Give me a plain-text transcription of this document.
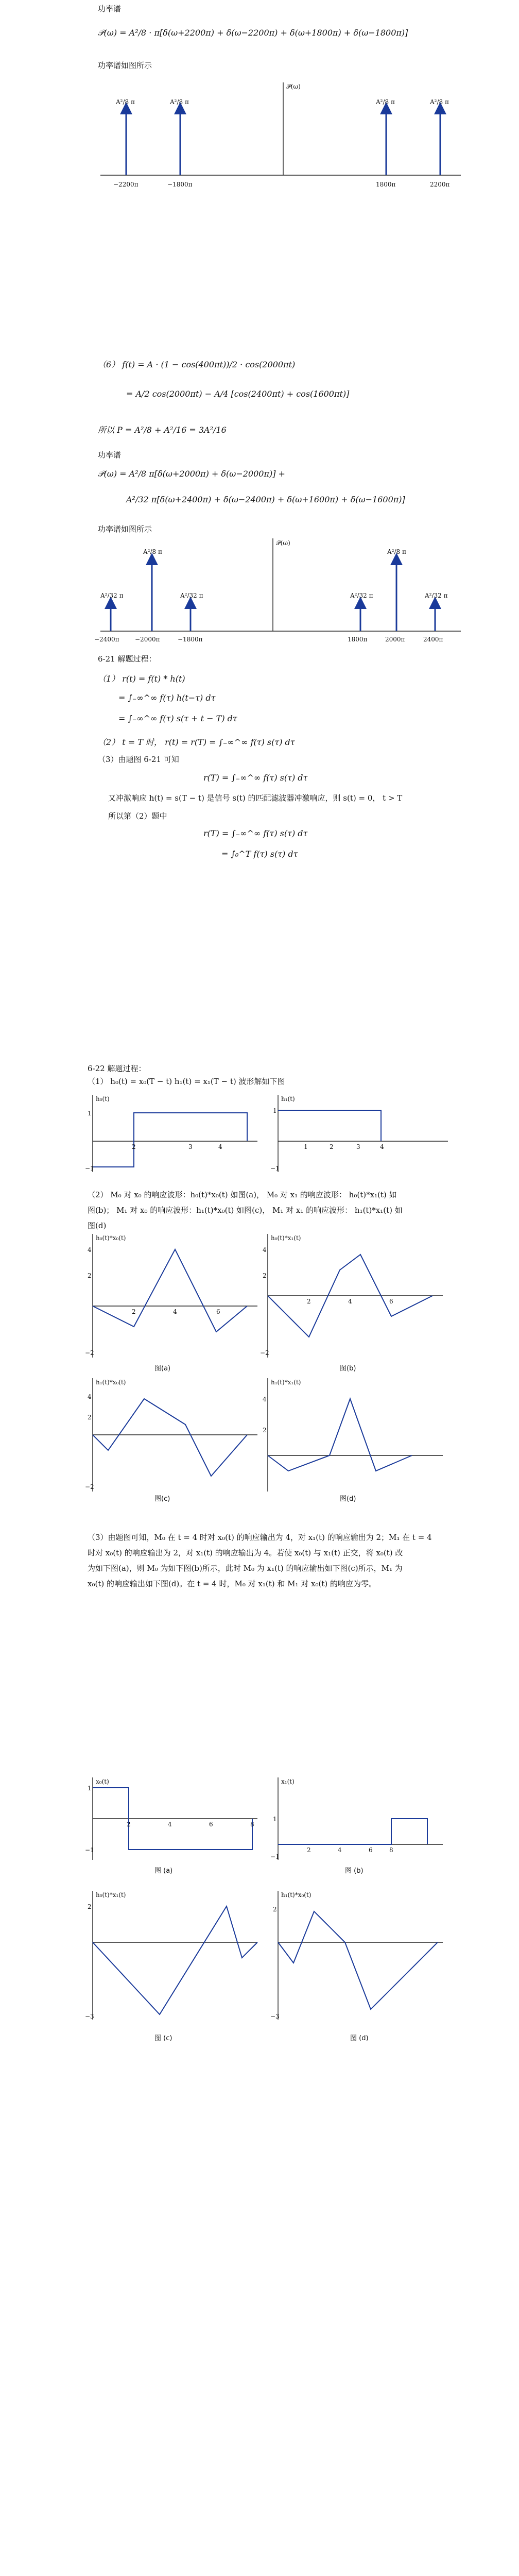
功率谱
𝒫(ω) = A²/8 · π[δ(ω+2200π) + δ(ω−2200π) + δ(ω+1800π) + δ(ω−1800π)]
功率谱如图所示
𝒫(ω)
A²/8 π	A²/8 π	A²/8 π	A²/8 π
−2200π	−1800π	1800π	2200π
（6） f(t) = A · (1 − cos(400πt))/2 · cos(2000πt)
= A/2 cos(2000πt) − A/4 [cos(2400πt) + cos(1600πt)]
所以 P = A²/8 + A²/16 = 3A²/16
功率谱
𝒫(ω) = A²/8 π[δ(ω+2000π) + δ(ω−2000π)] +
A²/32 π[δ(ω+2400π) + δ(ω−2400π) + δ(ω+1600π) + δ(ω−1600π)]
功率谱如图所示
𝒫(ω)
A²/32 π
A²/8 π
A²/32 π	A²/32 π
A²/8 π
A²/32 π
−2400π	−2000π	−1800π	1800π	2000π	2400π
6-21 解题过程：
（1） r(t) = f(t) * h(t)
= ∫₋∞^∞ f(τ) h(t−τ) dτ
= ∫₋∞^∞ f(τ) s(τ + t − T) dτ
（2） t = T 时， r(t) = r(T) = ∫₋∞^∞ f(τ) s(τ) dτ
（3）由题图 6-21 可知
r(T) = ∫₋∞^∞ f(τ) s(τ) dτ
又冲激响应 h(t) = s(T − t) 是信号 s(t) 的匹配滤波器冲激响应，则 s(t) = 0， t > T
所以第（2）题中
r(T) = ∫₋∞^∞ f(τ) s(τ) dτ
= ∫₀^T f(τ) s(τ) dτ
6-22 解题过程：
（1） h₀(t) = x₀(T − t) h₁(t) = x₁(T − t) 波形解如下图
h₀(t)
1
−1
2	3	4
h₁(t)
1
−1
1	2	3	4
（2） M₀ 对 x₀ 的响应波形：h₀(t)*x₀(t) 如图(a)， M₀ 对 x₁ 的响应波形： h₀(t)*x₁(t) 如
图(b)； M₁ 对 x₀ 的响应波形：h₁(t)*x₀(t) 如图(c)， M₁ 对 x₁ 的响应波形： h₁(t)*x₁(t) 如
图(d)
h₀(t)*x₀(t)
4
2
−2
2	4	6
图(a)
h₀(t)*x₁(t)
4
2
−2
2	4	6
图(b)
h₁(t)*x₀(t)
4
2
−2
图(c)
h₁(t)*x₁(t)
4
2
图(d)
（3）由题图可知，M₀ 在 t = 4 时对 x₀(t) 的响应输出为 4，对 x₁(t) 的响应输出为 2；M₁ 在 t = 4
时对 x₀(t) 的响应输出为 2，对 x₁(t) 的响应输出为 4。若使 x₀(t) 与 x₁(t) 正交，将 x₀(t) 改
为如下图(a)，则 M₀ 为如下图(b)所示，此时 M₀ 为 x₁(t) 的响应输出如下图(c)所示，M₁ 为
x₀(t) 的响应输出如下图(d)。在 t = 4 时，M₀ 对 x₁(t) 和 M₁ 对 x₀(t) 的响应为零。
x₀(t)
1
−1
2	4	6	8
图 (a)
x₁(t)
1
−1
2	4	6	8
图 (b)
h₀(t)*x₁(t)
2
−3
图 (c)
h₁(t)*x₀(t)
2
−3
图 (d)
